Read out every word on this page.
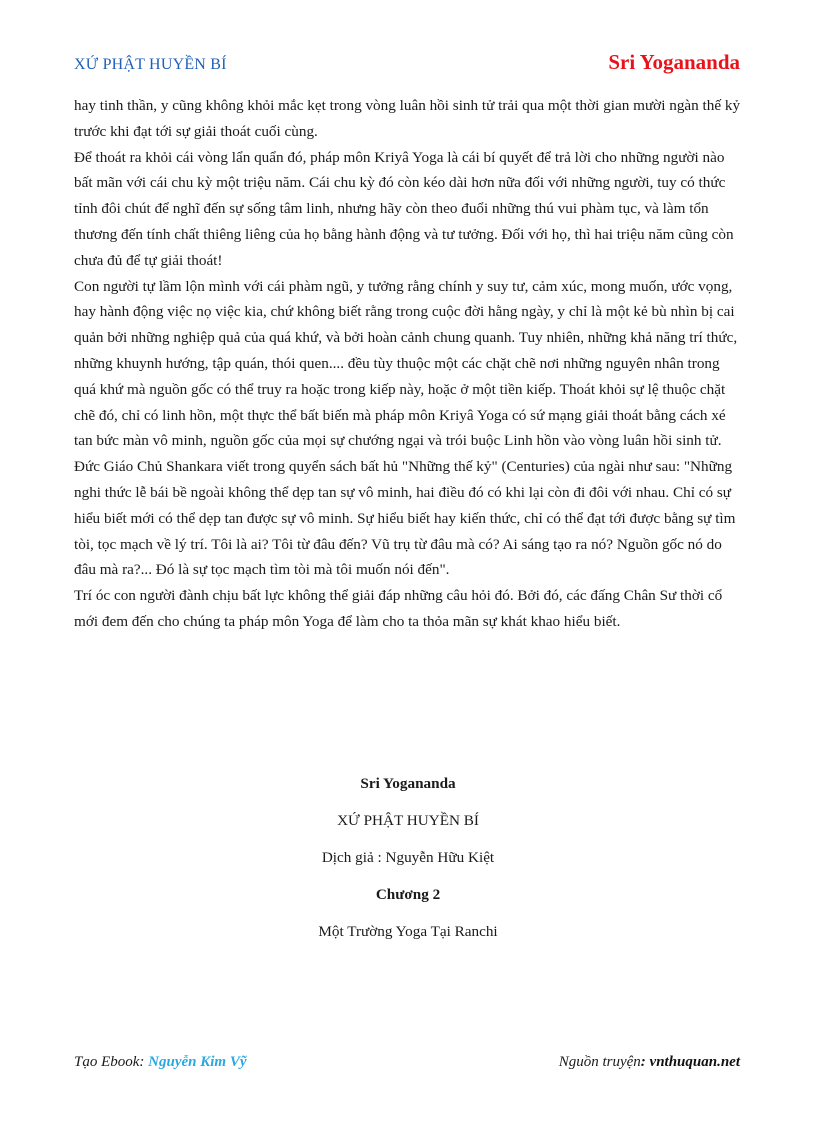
XỨ PHẬT HUYỀN BÍ	Sri Yogananda

hay tinh thần, y cũng không khỏi mắc kẹt trong vòng luân hồi sinh tử trải qua một thời gian mười ngàn thế kỷ trước khi đạt tới sự giải thoát cuối cùng.

Để thoát ra khỏi cái vòng lẩn quẩn đó, pháp môn Kriyâ Yoga là cái bí quyết để trả lời cho những người nào bất mãn với cái chu kỳ một triệu năm. Cái chu kỳ đó còn kéo dài hơn nữa đối với những người, tuy có thức tỉnh đôi chút để nghĩ đến sự sống tâm linh, nhưng hãy còn theo đuổi những thú vui phàm tục, và làm tổn thương đến tính chất thiêng liêng của họ bằng hành động và tư tưởng. Đối với họ, thì hai triệu năm cũng còn chưa đủ để tự giải thoát!

Con người tự lầm lộn mình với cái phàm ngũ, y tưởng rằng chính y suy tư, cảm xúc, mong muốn, ước vọng, hay hành động việc nọ việc kia, chứ không biết rằng trong cuộc đời hằng ngày, y chỉ là một kẻ bù nhìn bị cai quản bởi những nghiệp quả của quá khứ, và bởi hoàn cảnh chung quanh. Tuy nhiên, những khả năng trí thức, những khuynh hướng, tập quán, thói quen.... đều tùy thuộc một các chặt chẽ nơi những nguyên nhân trong quá khứ mà nguồn gốc có thể truy ra hoặc trong kiếp này, hoặc ở một tiền kiếp. Thoát khỏi sự lệ thuộc chặt chẽ đó, chỉ có linh hồn, một thực thể bất biến mà pháp môn Kriyâ Yoga có sứ mạng giải thoát bằng cách xé tan bức màn vô minh, nguồn gốc của mọi sự chướng ngại và trói buộc Linh hồn vào vòng luân hồi sinh tử.

Đức Giáo Chủ Shankara viết trong quyển sách bất hủ "Những thế kỷ" (Centuries) của ngài như sau: "Những nghi thức lễ bái bề ngoài không thể dẹp tan sự vô minh, hai điều đó có khi lại còn đi đôi với nhau. Chỉ có sự hiểu biết mới có thể dẹp tan được sự vô minh. Sự hiểu biết hay kiến thức, chỉ có thể đạt tới được bằng sự tìm tòi, tọc mạch về lý trí. Tôi là ai? Tôi từ đâu đến? Vũ trụ từ đâu mà có? Ai sáng tạo ra nó? Nguồn gốc nó do đâu mà ra?... Đó là sự tọc mạch tìm tòi mà tôi muốn nói đến".

Trí óc con người đành chịu bất lực không thể giải đáp những câu hỏi đó. Bởi đó, các đấng Chân Sư thời cổ mới đem đến cho chúng ta pháp môn Yoga để làm cho ta thỏa mãn sự khát khao hiểu biết.

Sri Yogananda
XỨ PHẬT HUYỀN BÍ
Dịch giả : Nguyễn Hữu Kiệt
Chương 2
Một Trường Yoga Tại Ranchi
Tạo Ebook: Nguyễn Kim Vỹ	Nguồn truyện: vnthuquan.net
